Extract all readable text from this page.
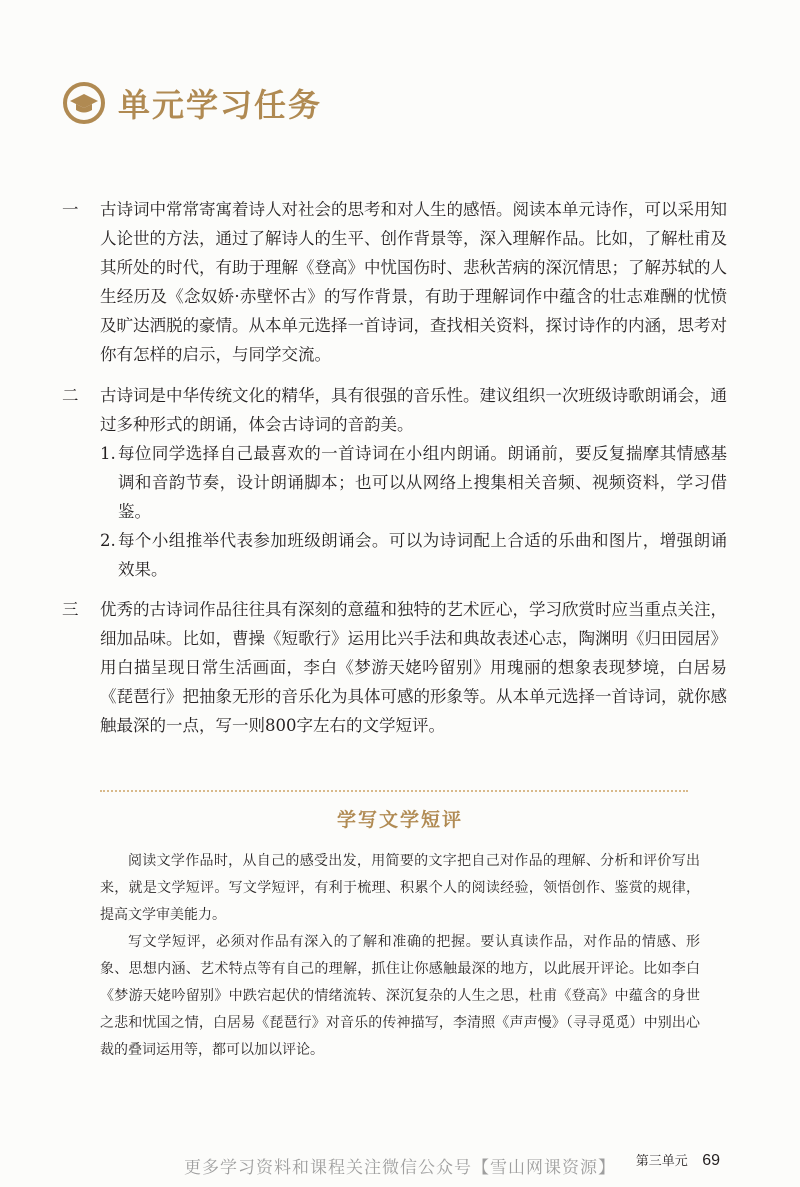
单元学习任务
一	古诗词中常常寄寓着诗人对社会的思考和对人生的感悟。阅读本单元诗作，可以采用知人论世的方法，通过了解诗人的生平、创作背景等，深入理解作品。比如，了解杜甫及其所处的时代，有助于理解《登高》中忧国伤时、悲秋苦病的深沉情思；了解苏轼的人生经历及《念奴娇·赤壁怀古》的写作背景，有助于理解词作中蕴含的壮志难酬的忧愤及旷达洒脱的豪情。从本单元选择一首诗词，查找相关资料，探讨诗作的内涵，思考对你有怎样的启示，与同学交流。
二	古诗词是中华传统文化的精华，具有很强的音乐性。建议组织一次班级诗歌朗诵会，通过多种形式的朗诵，体会古诗词的音韵美。
1. 每位同学选择自己最喜欢的一首诗词在小组内朗诵。朗诵前，要反复揣摩其情感基调和音韵节奏，设计朗诵脚本；也可以从网络上搜集相关音频、视频资料，学习借鉴。
2. 每个小组推举代表参加班级朗诵会。可以为诗词配上合适的乐曲和图片，增强朗诵效果。
三	优秀的古诗词作品往往具有深刻的意蕴和独特的艺术匠心，学习欣赏时应当重点关注，细加品味。比如，曹操《短歌行》运用比兴手法和典故表述心志，陶渊明《归田园居》用白描呈现日常生活画面，李白《梦游天姥吟留别》用瑰丽的想象表现梦境，白居易《琵琶行》把抽象无形的音乐化为具体可感的形象等。从本单元选择一首诗词，就你感触最深的一点，写一则800字左右的文学短评。
学写文学短评

阅读文学作品时，从自己的感受出发，用简要的文字把自己对作品的理解、分析和评价写出来，就是文学短评。写文学短评，有利于梳理、积累个人的阅读经验，领悟创作、鉴赏的规律，提高文学审美能力。

写文学短评，必须对作品有深入的了解和准确的把握。要认真读作品，对作品的情感、形象、思想内涵、艺术特点等有自己的理解，抓住让你感触最深的地方，以此展开评论。比如李白《梦游天姥吟留别》中跌宕起伏的情绪流转、深沉复杂的人生之思，杜甫《登高》中蕴含的身世之悲和忧国之情，白居易《琵琶行》对音乐的传神描写，李清照《声声慢》（寻寻觅觅）中别出心裁的叠词运用等，都可以加以评论。

第三单元 69
更多学习资料和课程关注微信公众号【雪山网课资源】
